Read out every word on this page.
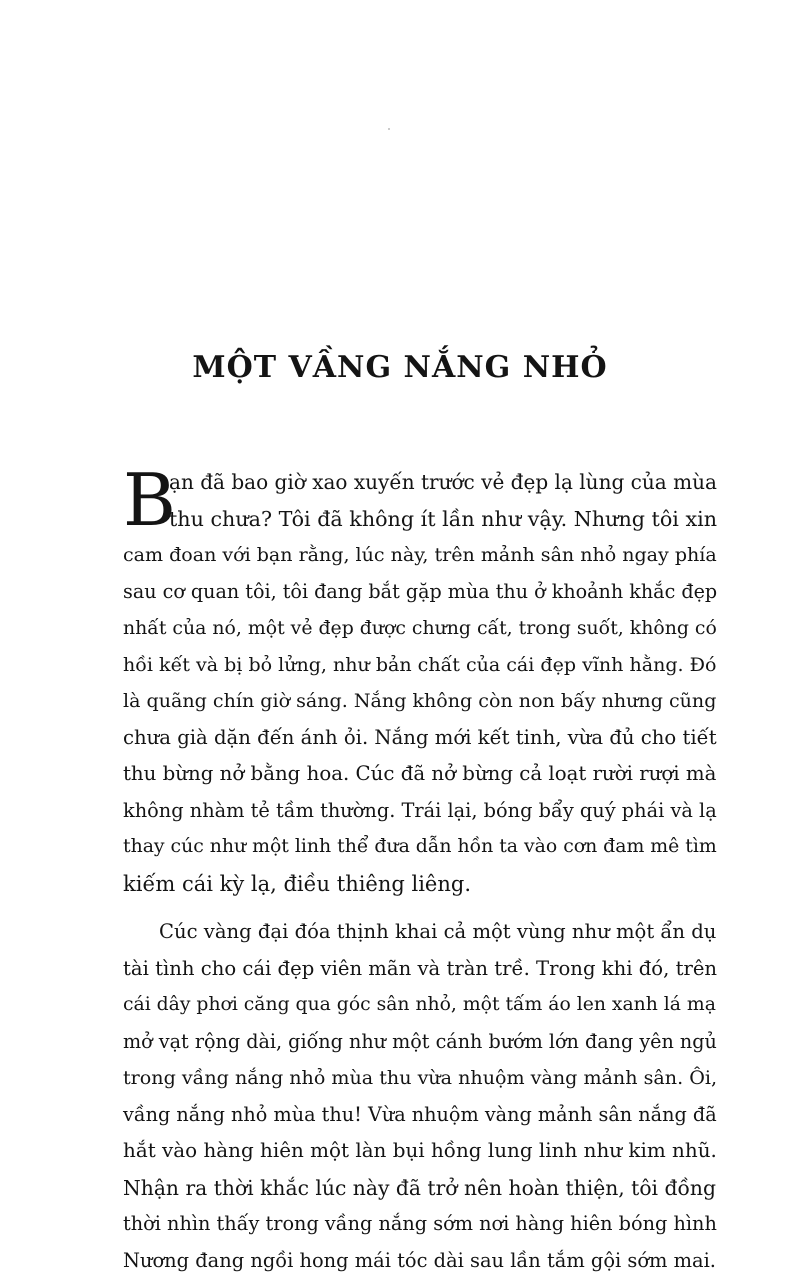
MỘT VẦNG NẮNG NHỎ
B
ạn đã bao giờ xao xuyến trước vẻ đẹp lạ lùng của mùa
thu chưa? Tôi đã không ít lần như vậy. Nhưng tôi xin
cam đoan với bạn rằng, lúc này, trên mảnh sân nhỏ ngay phía
sau cơ quan tôi, tôi đang bắt gặp mùa thu ở khoảnh khắc đẹp
nhất của nó, một vẻ đẹp được chưng cất, trong suốt, không có
hồi kết và bị bỏ lửng, như bản chất của cái đẹp vĩnh hằng. Đó
là quãng chín giờ sáng. Nắng không còn non bấy nhưng cũng
chưa già dặn đến ánh ỏi. Nắng mới kết tinh, vừa đủ cho tiết
thu bừng nở bằng hoa. Cúc đã nở bừng cả loạt rười rượi mà
không nhàm tẻ tầm thường. Trái lại, bóng bẩy quý phái và lạ
thay cúc như một linh thể đưa dẫn hồn ta vào cơn đam mê tìm
kiếm cái kỳ lạ, điều thiêng liêng.
Cúc vàng đại đóa thịnh khai cả một vùng như một ẩn dụ
tài tình cho cái đẹp viên mãn và tràn trề. Trong khi đó, trên
cái dây phơi căng qua góc sân nhỏ, một tấm áo len xanh lá mạ
mở vạt rộng dài, giống như một cánh bướm lớn đang yên ngủ
trong vầng nắng nhỏ mùa thu vừa nhuộm vàng mảnh sân. Ôi,
vầng nắng nhỏ mùa thu! Vừa nhuộm vàng mảnh sân nắng đã
hắt vào hàng hiên một làn bụi hồng lung linh như kim nhũ.
Nhận ra thời khắc lúc này đã trở nên hoàn thiện, tôi đồng
thời nhìn thấy trong vầng nắng sớm nơi hàng hiên bóng hình
Nương đang ngồi hong mái tóc dài sau lần tắm gội sớm mai.
